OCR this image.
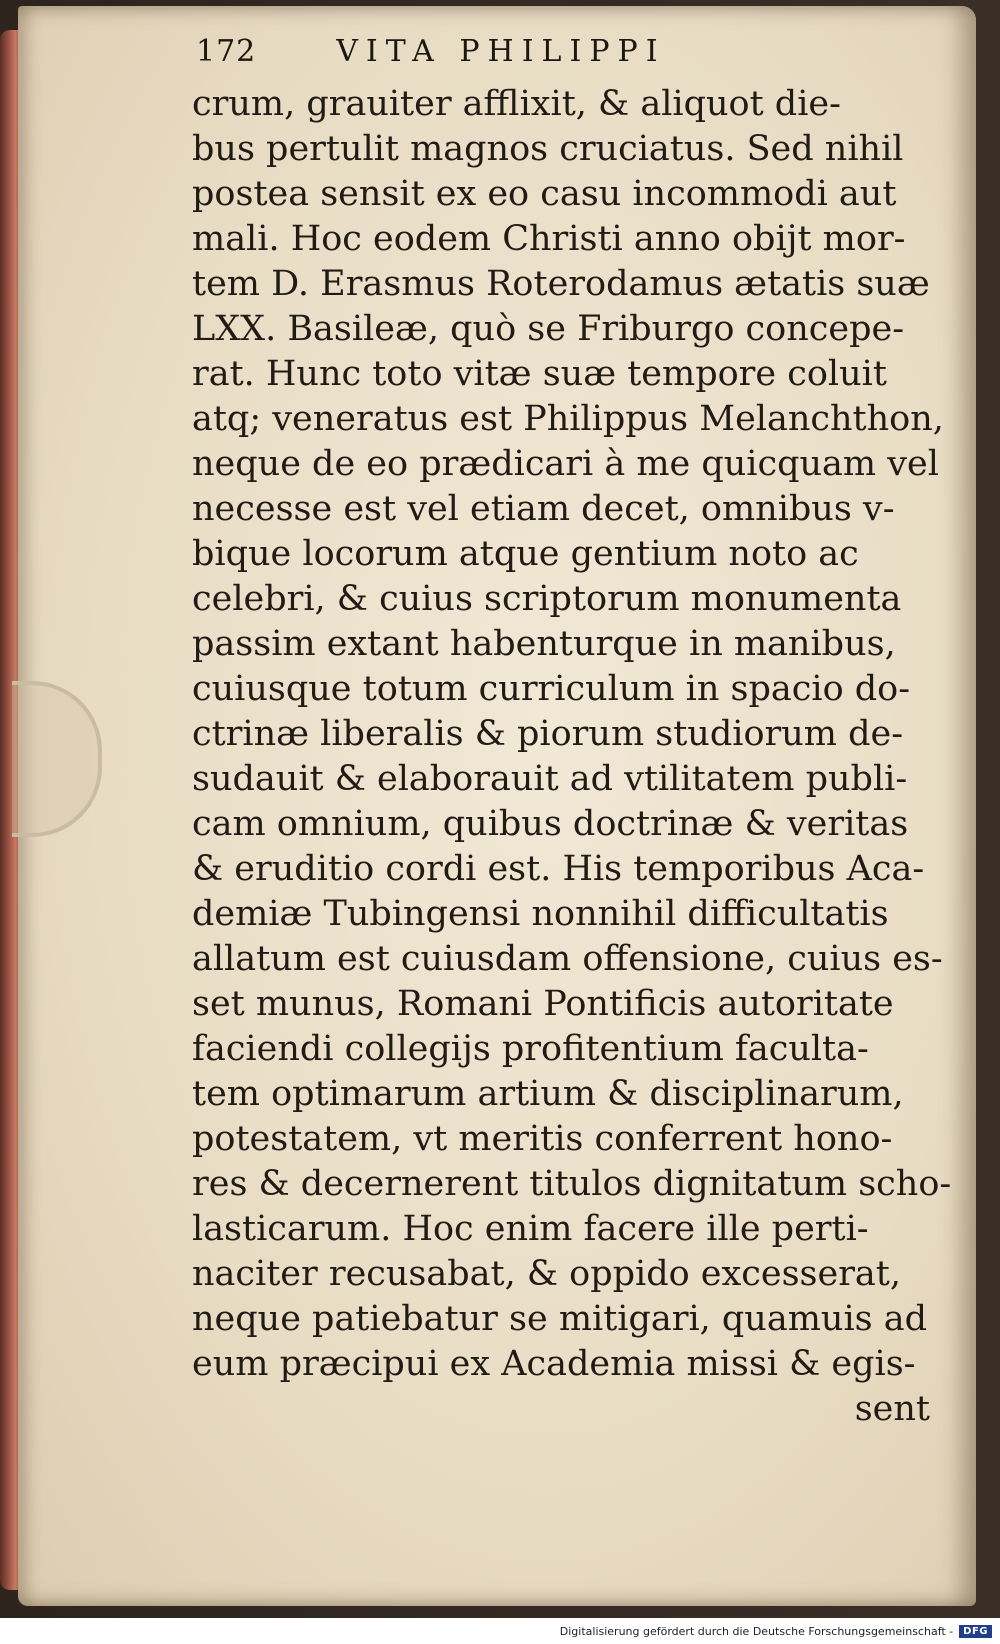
172	VITA PHILIPPI
crum, grauiter afflixit, & aliquot die-
bus pertulit magnos cruciatus. Sed nihil
postea sensit ex eo casu incommodi aut
mali. Hoc eodem Christi anno obijt mor-
tem D. Erasmus Roterodamus ætatis suæ
LXX. Basileæ, quò se Friburgo concepe-
rat. Hunc toto vitæ suæ tempore coluit
atq; veneratus est Philippus Melanchthon,
neque de eo prædicari à me quicquam vel
necesse est vel etiam decet, omnibus v-
bique locorum atque gentium noto ac
celebri, & cuius scriptorum monumenta
passim extant habenturque in manibus,
cuiusque totum curriculum in spacio do-
ctrinæ liberalis & piorum studiorum de-
sudauit & elaborauit ad vtilitatem publi-
cam omnium, quibus doctrinæ & veritas
& eruditio cordi est. His temporibus Aca-
demiæ Tubingensi nonnihil difficultatis
allatum est cuiusdam offensione, cuius es-
set munus, Romani Pontificis autoritate
faciendi collegijs profitentium faculta-
tem optimarum artium & disciplinarum,
potestatem, vt meritis conferrent hono-
res & decernerent titulos dignitatum scho-
lasticarum. Hoc enim facere ille perti-
naciter recusabat, & oppido excesserat,
neque patiebatur se mitigari, quamuis ad
eum præcipui ex Academia missi & egis-
sent
Digitalisierung gefördert durch die Deutsche Forschungsgemeinschaft -	DFG
